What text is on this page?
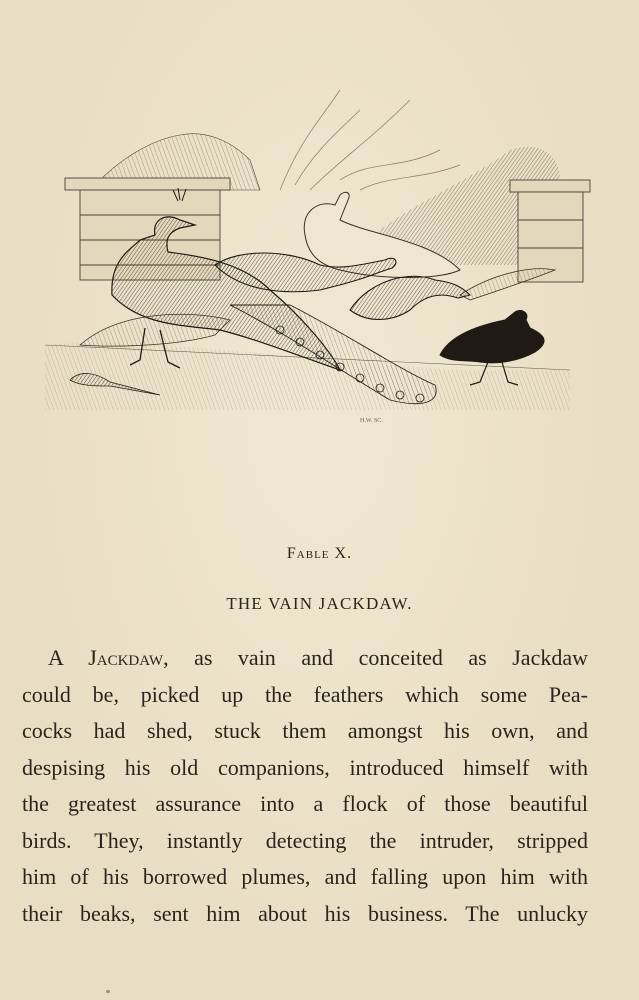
H.W. SC.
Fable X.
THE VAIN JACKDAW.
A Jackdaw, as vain and conceited as Jackdaw
could be, picked up the feathers which some Pea-
cocks had shed, stuck them amongst his own, and
despising his old companions, introduced himself with
the greatest assurance into a flock of those beautiful
birds. They, instantly detecting the intruder, stripped
him of his borrowed plumes, and falling upon him with
their beaks, sent him about his business. The unlucky
